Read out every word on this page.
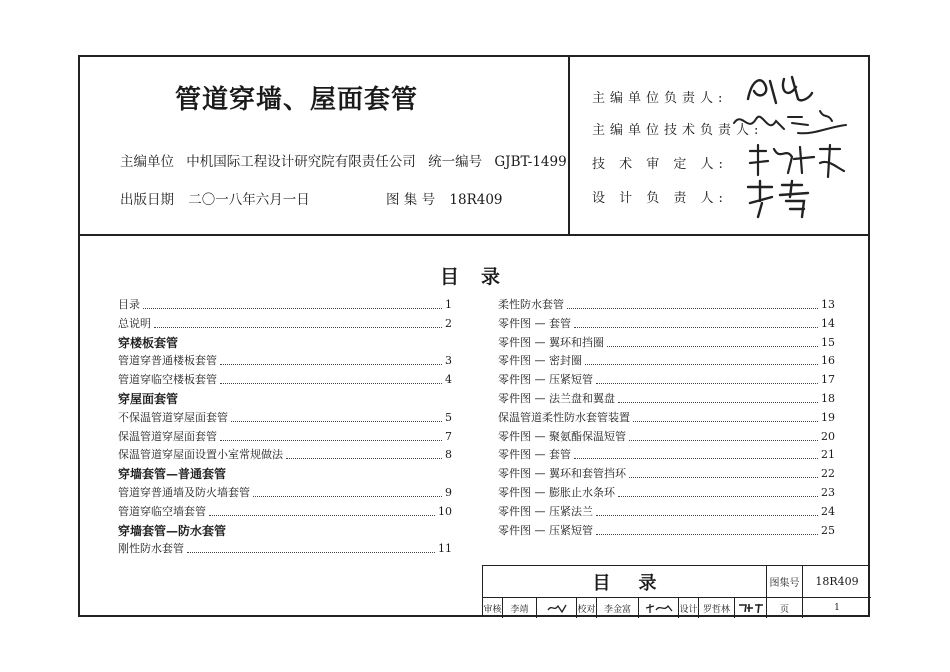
管道穿墙、屋面套管
主编单位 中机国际工程设计研究院有限责任公司 统一编号 GJBT-1499
出版日期 二〇一八年六月一日	图 集 号 18R409
主编单位负责人:
主编单位技术负责人:
技 术 审 定 人:
设 计 负 责 人:
目录
目录	1
总说明	2
穿楼板套管
管道穿普通楼板套管	3
管道穿临空楼板套管	4
穿屋面套管
不保温管道穿屋面套管	5
保温管道穿屋面套管	7
保温管道穿屋面设置小室常规做法	8
穿墙套管—普通套管
管道穿普通墙及防火墙套管	9
管道穿临空墙套管	10
穿墙套管—防水套管
刚性防水套管	11
柔性防水套管	13
零件图 — 套管	14
零件图 — 翼环和挡圈	15
零件图 — 密封圈	16
零件图 — 压紧短管	17
零件图 — 法兰盘和翼盘	18
保温管道柔性防水套管装置	19
零件图 — 聚氨酯保温短管	20
零件图 — 套管	21
零件图 — 翼环和套管挡环	22
零件图 — 膨胀止水条环	23
零件图 — 压紧法兰	24
零件图 — 压紧短管	25
目录	图集号	18R409
审核 李靖	校对 李金富	设计 罗哲林	页	1
